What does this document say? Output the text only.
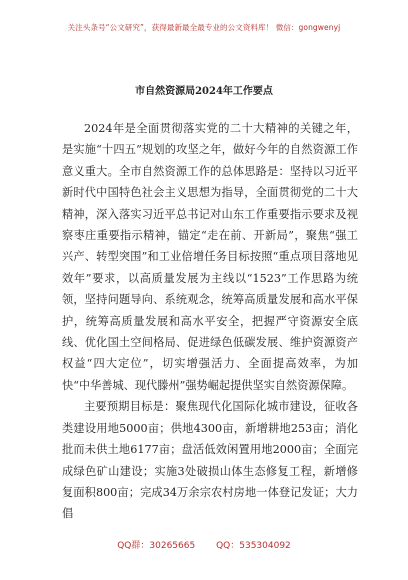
关注头条号“公文研究”，获得最新最全最专业的公文资料库！ 微信：gongwenyj
市自然资源局2024年工作要点

2024年是全面贯彻落实党的二十大精神的关键之年，是实施“十四五”规划的攻坚之年，做好今年的自然资源工作意义重大。全市自然资源工作的总体思路是：坚持以习近平新时代中国特色社会主义思想为指导，全面贯彻党的二十大精神，深入落实习近平总书记对山东工作重要指示要求及视察枣庄重要指示精神，锚定“走在前、开新局”，聚焦“强工兴产、转型突围”和工业倍增任务目标按照“重点项目落地见效年”要求，以高质量发展为主线以“1523”工作思路为统领，坚持问题导向、系统观念，统筹高质量发展和高水平保护，统筹高质量发展和高水平安全，把握严守资源安全底线、优化国土空间格局、促进绿色低碳发展、维护资源资产权益“四大定位”，切实增强活力、全面提高效率，为加快“中华善城、现代滕州”强势崛起提供坚实自然资源保障。

主要预期目标是：聚焦现代化国际化城市建设，征收各类建设用地5000亩；供地4300亩，新增耕地253亩；消化批而未供土地6177亩；盘活低效闲置用地2000亩；全面完成绿色矿山建设；实施3处破损山体生态修复工程，新增修复面积800亩；完成34万余宗农村房地一体登记发证；大力倡

QQ群：30265665 QQ：535304092
